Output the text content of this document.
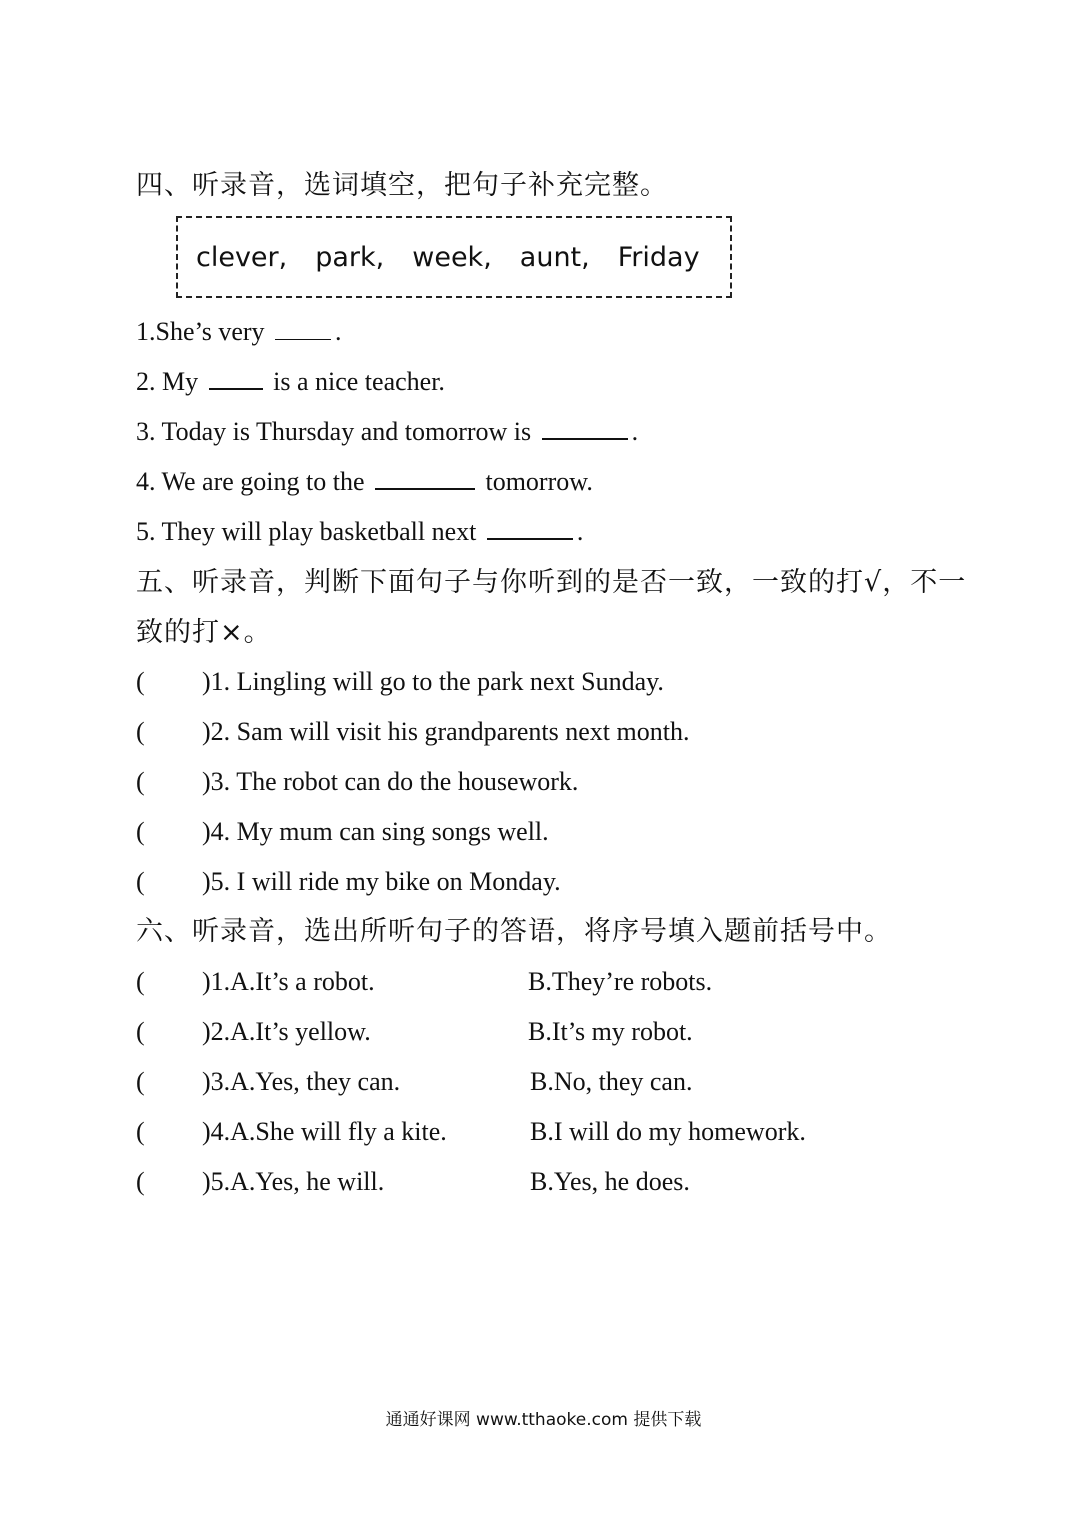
四、听录音，选词填空，把句子补充完整。
clever, park, week, aunt, Friday
1.She’s very .
2. My  is a nice teacher.
3. Today is Thursday and tomorrow is	.
4. We are going to the	tomorrow.
5. They will play basketball next	.
五、听录音，判断下面句子与你听到的是否一致，一致的打√，不一致的打×。
( )1. Lingling will go to the park next Sunday.
( )2. Sam will visit his grandparents next month.
( )3. The robot can do the housework.
( )4. My mum can sing songs well.
( )5. I will ride my bike on Monday.
六、听录音，选出所听句子的答语，将序号填入题前括号中。
( )1.A.It’s a robot.	B.They’re robots.
( )2.A.It’s yellow.	B.It’s my robot.
( )3.A.Yes, they can.	B.No, they can.
( )4.A.She will fly a kite.	B.I will do my homework.
( )5.A.Yes, he will.	B.Yes, he does.
通通好课网 www.tthaoke.com 提供下载
